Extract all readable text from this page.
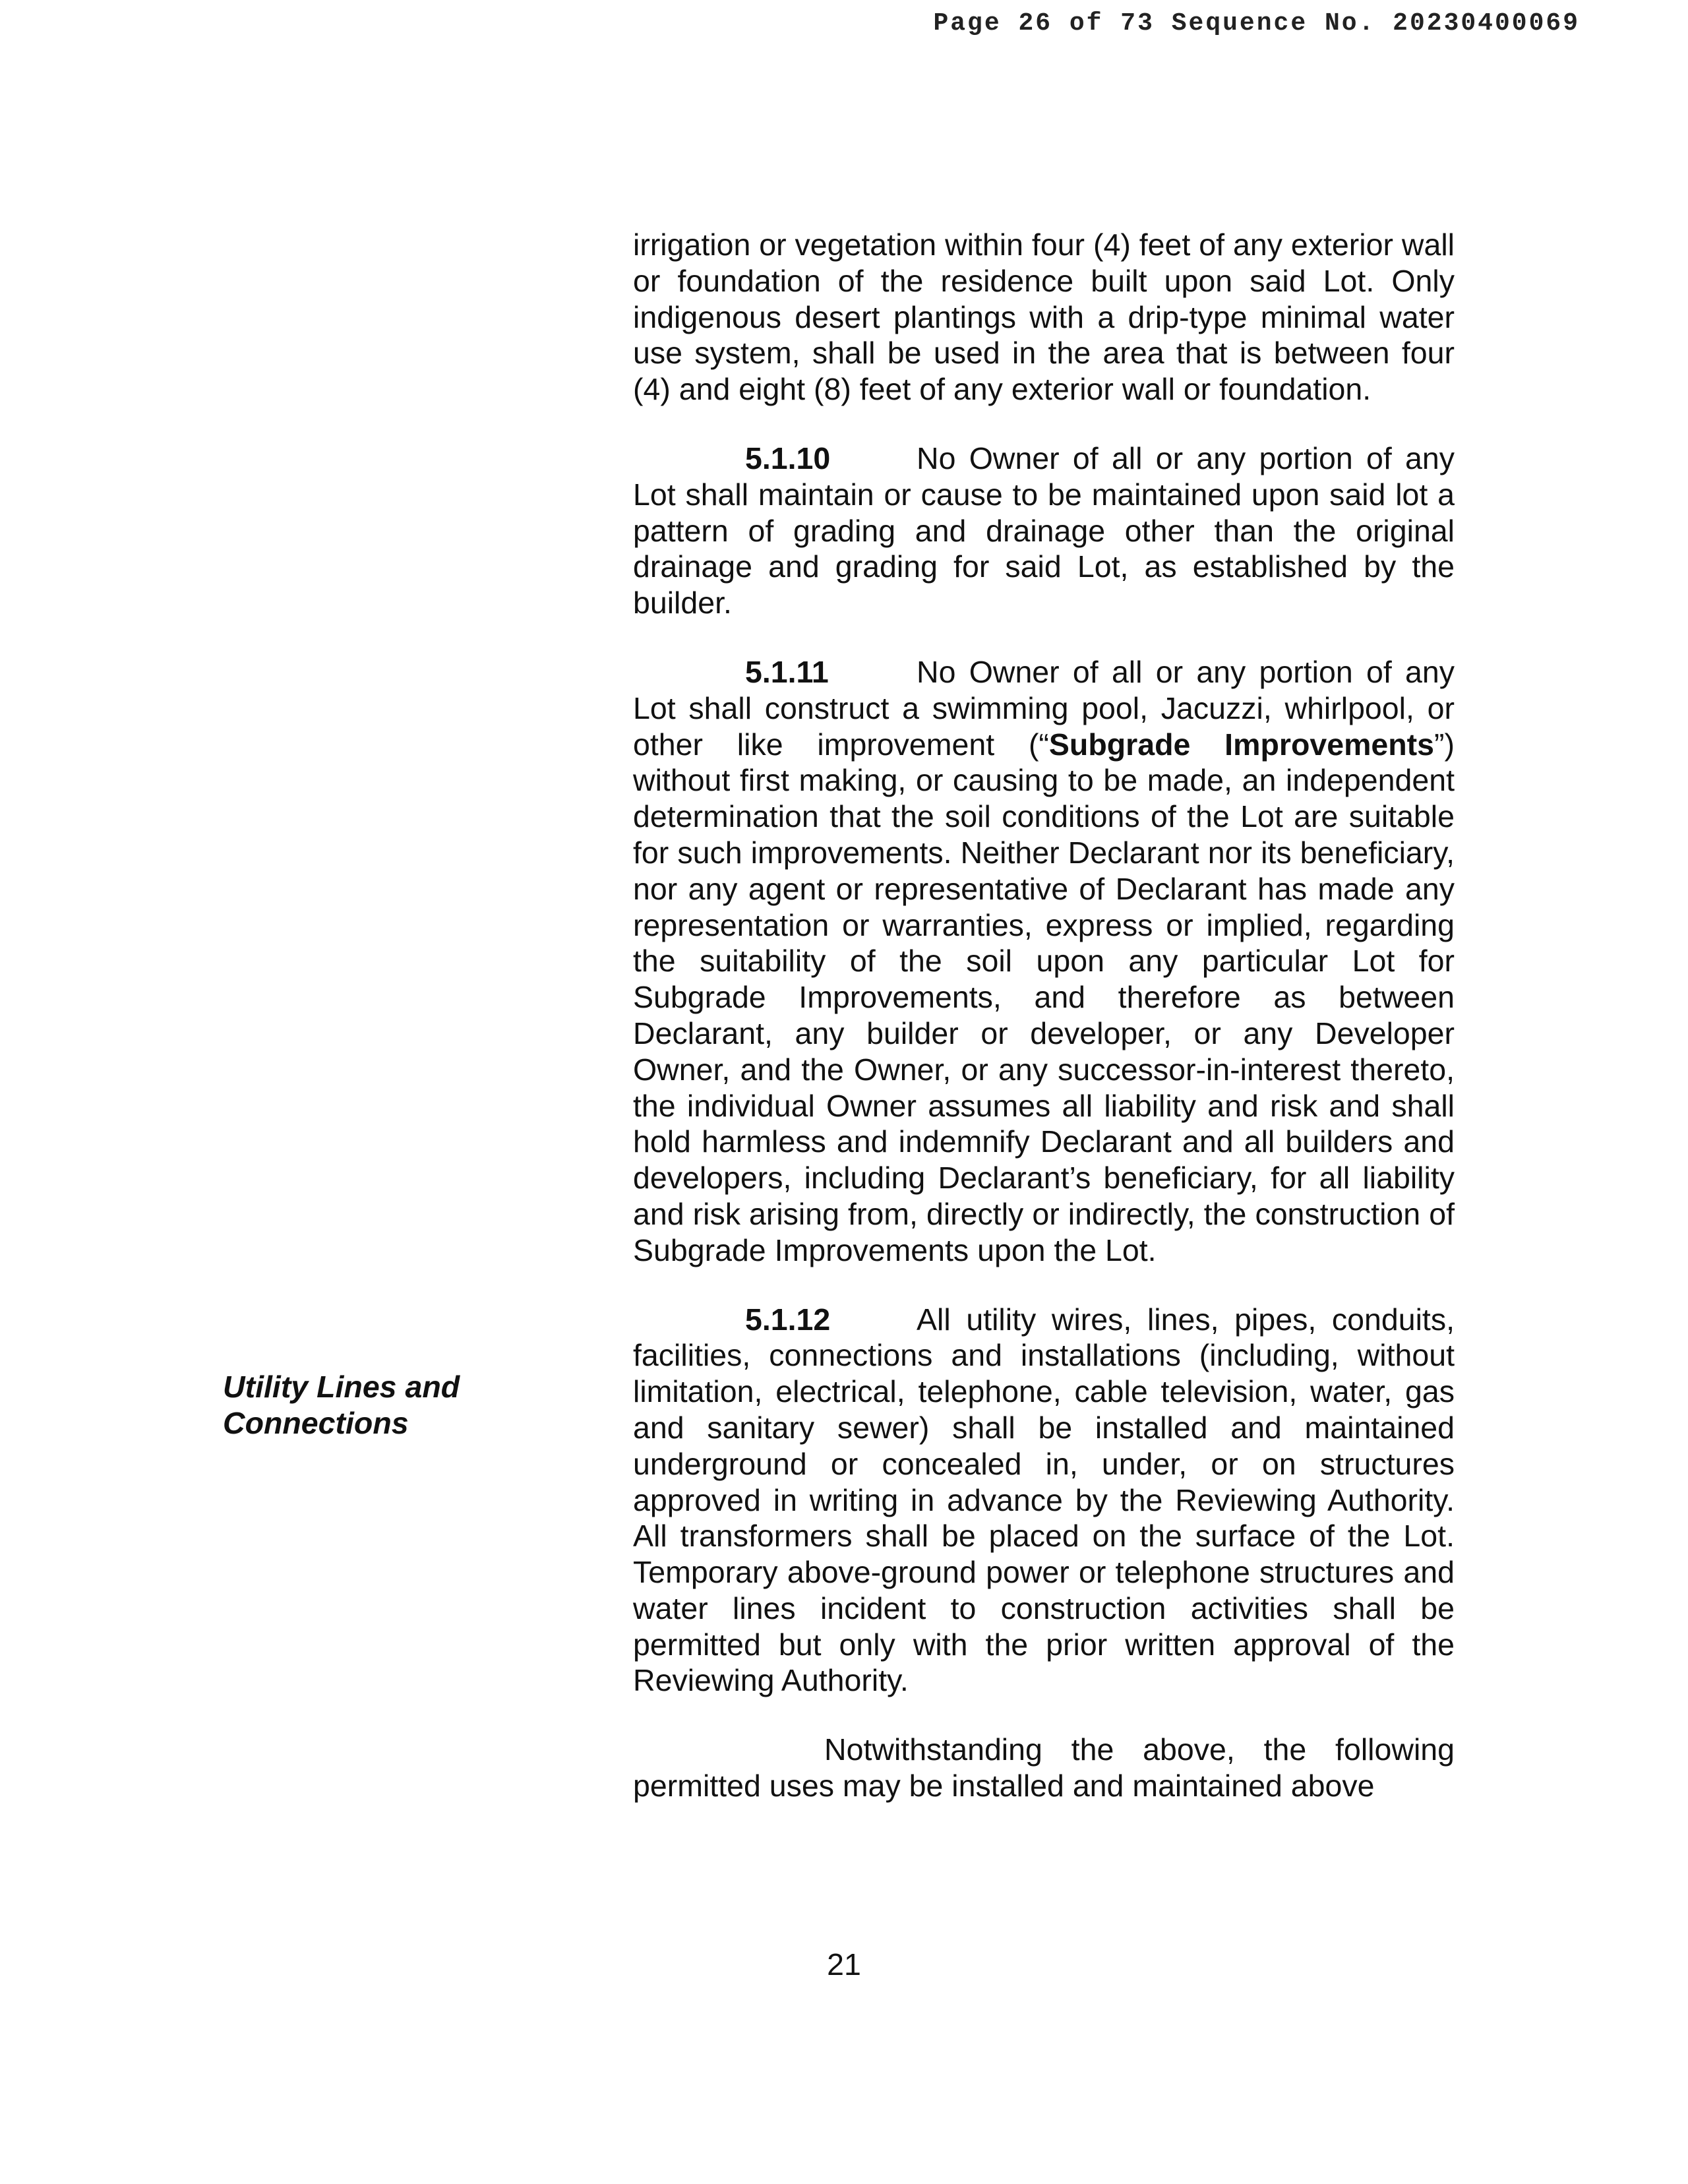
Page 26 of 73 Sequence No. 20230400069
Utility Lines and
Connections

irrigation or vegetation within four (4) feet of any exterior wall or foundation of the residence built upon said Lot. Only indigenous desert plantings with a drip-type minimal water use system, shall be used in the area that is between four (4) and eight (8) feet of any exterior wall or foundation.

5.1.10	No Owner of all or any portion of any Lot shall maintain or cause to be maintained upon said lot a pattern of grading and drainage other than the original drainage and grading for said Lot, as established by the builder.

5.1.11	No Owner of all or any portion of any Lot shall construct a swimming pool, Jacuzzi, whirlpool, or other like improvement (“Subgrade Improvements”) without first making, or causing to be made, an independent determination that the soil conditions of the Lot are suitable for such improvements. Neither Declarant nor its beneficiary, nor any agent or representative of Declarant has made any representation or warranties, express or implied, regarding the suitability of the soil upon any particular Lot for Subgrade Improvements, and therefore as between Declarant, any builder or developer, or any Developer Owner, and the Owner, or any successor-in-interest thereto, the individual Owner assumes all liability and risk and shall hold harmless and indemnify Declarant and all builders and developers, including Declarant’s beneficiary, for all liability and risk arising from, directly or indirectly, the construction of Subgrade Improvements upon the Lot.

5.1.12	All utility wires, lines, pipes, conduits, facilities, connections and installations (including, without limitation, electrical, telephone, cable television, water, gas and sanitary sewer) shall be installed and maintained underground or concealed in, under, or on structures approved in writing in advance by the Reviewing Authority. All transformers shall be placed on the surface of the Lot. Temporary above-ground power or telephone structures and water lines incident to construction activities shall be permitted but only with the prior written approval of the Reviewing Authority.

Notwithstanding the above, the following permitted uses may be installed and maintained above

21
